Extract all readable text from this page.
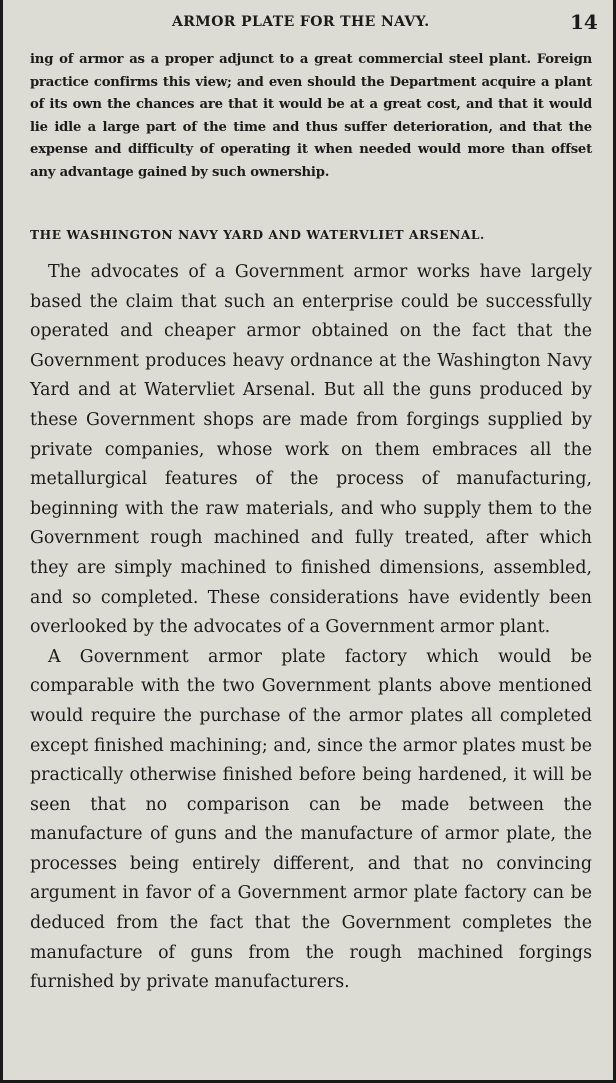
ARMOR PLATE FOR THE NAVY.	14

ing of armor as a proper adjunct to a great commercial steel plant. Foreign practice confirms this view; and even should the Department acquire a plant of its own the chances are that it would be at a great cost, and that it would lie idle a large part of the time and thus suffer deterioration, and that the expense and difficulty of operating it when needed would more than offset any advantage gained by such ownership.

THE WASHINGTON NAVY YARD AND WATERVLIET ARSENAL.

The advocates of a Government armor works have largely based the claim that such an enterprise could be successfully operated and cheaper armor obtained on the fact that the Government produces heavy ordnance at the Washington Navy Yard and at Watervliet Arsenal. But all the guns produced by these Government shops are made from forgings supplied by private companies, whose work on them embraces all the metallurgical features of the process of manufacturing, beginning with the raw materials, and who supply them to the Government rough machined and fully treated, after which they are simply machined to finished dimensions, assembled, and so completed. These considerations have evidently been overlooked by the advocates of a Government armor plant.

A Government armor plate factory which would be comparable with the two Government plants above mentioned would require the purchase of the armor plates all completed except finished machining; and, since the armor plates must be practically otherwise finished before being hardened, it will be seen that no comparison can be made between the manufacture of guns and the manufacture of armor plate, the processes being entirely different, and that no convincing argument in favor of a Government armor plate factory can be deduced from the fact that the Government completes the manufacture of guns from the rough machined forgings furnished by private manufacturers.
